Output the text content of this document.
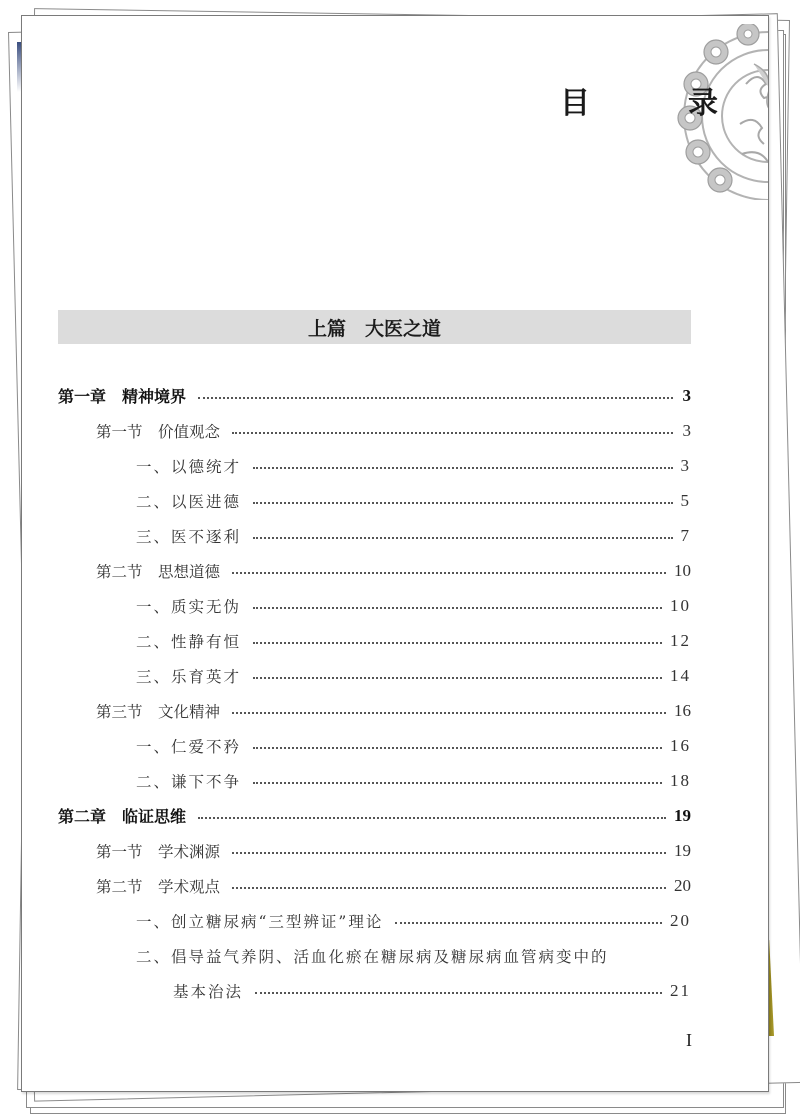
目　录
上篇　大医之道
第一章　精神境界	3
第一节　价值观念	3
一、以德统才	3
二、以医进德	5
三、医不逐利	7
第二节　思想道德	10
一、质实无伪	10
二、性静有恒	12
三、乐育英才	14
第三节　文化精神	16
一、仁爱不矜	16
二、谦下不争	18
第二章　临证思维	19
第一节　学术渊源	19
第二节　学术观点	20
一、创立糖尿病“三型辨证”理论	20
二、倡导益气养阴、活血化瘀在糖尿病及糖尿病血管病变中的
基本治法	21
I
